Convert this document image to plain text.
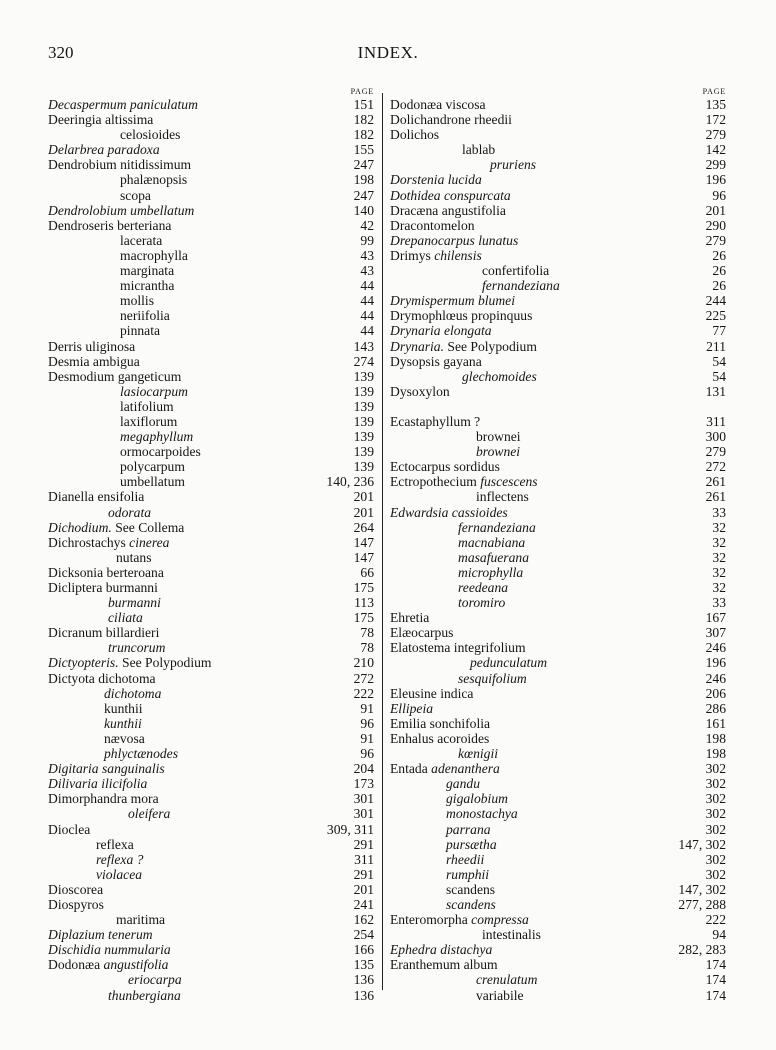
320	INDEX.
PAGE
Decaspermum paniculatum	151
Deeringia altissima	182
celosioides	182
Delarbrea paradoxa	155
Dendrobium nitidissimum	247
phalænopsis	198
scopa	247
Dendrolobium umbellatum	140
Dendroseris berteriana	42
lacerata	99
macrophylla	43
marginata	43
micrantha	44
mollis	44
neriifolia	44
pinnata	44
Derris uliginosa	143
Desmia ambigua	274
Desmodium gangeticum	139
lasiocarpum	139
latifolium	139
laxiflorum	139
megaphyllum	139
ormocarpoides	139
polycarpum	139
umbellatum	140, 236
Dianella ensifolia	201
odorata	201
Dichodium. See Collema	264
Dichrostachys cinerea	147
nutans	147
Dicksonia berteroana	66
Dicliptera burmanni	175
burmanni	113
ciliata	175
Dicranum billardieri	78
truncorum	78
Dictyopteris. See Polypodium	210
Dictyota dichotoma	272
dichotoma	222
kunthii	91
kunthii	96
nævosa	91
phlyctænodes	96
Digitaria sanguinalis	204
Dilivaria ilicifolia	173
Dimorphandra mora	301
oleifera	301
Dioclea	309, 311
reflexa	291
reflexa ?	311
violacea	291
Dioscorea	201
Diospyros	241
maritima	162
Diplazium tenerum	254
Dischidia nummularia	166
Dodonæa angustifolia	135
eriocarpa	136
thunbergiana	136
PAGE
Dodonæa viscosa	135
Dolichandrone rheedii	172
Dolichos	279
lablab	142
pruriens	299
Dorstenia lucida	196
Dothidea conspurcata	96
Dracæna angustifolia	201
Dracontomelon	290
Drepanocarpus lunatus	279
Drimys chilensis	26
confertifolia	26
fernandeziana	26
Drymispermum blumei	244
Drymophlœus propinquus	225
Drynaria elongata	77
Drynaria. See Polypodium	211
Dysopsis gayana	54
glechomoides	54
Dysoxylon	131
Ecastaphyllum ?	311
brownei	300
brownei	279
Ectocarpus sordidus	272
Ectropothecium fuscescens	261
inflectens	261
Edwardsia cassioides	33
fernandeziana	32
macnabiana	32
masafuerana	32
microphylla	32
reedeana	32
toromiro	33
Ehretia	167
Elæocarpus	307
Elatostema integrifolium	246
pedunculatum	196
sesquifolium	246
Eleusine indica	206
Ellipeia	286
Emilia sonchifolia	161
Enhalus acoroides	198
kœnigii	198
Entada adenanthera	302
gandu	302
gigalobium	302
monostachya	302
parrana	302
pursætha	147, 302
rheedii	302
rumphii	302
scandens	147, 302
scandens	277, 288
Enteromorpha compressa	222
intestinalis	94
Ephedra distachya	282, 283
Eranthemum album	174
crenulatum	174
variabile	174
